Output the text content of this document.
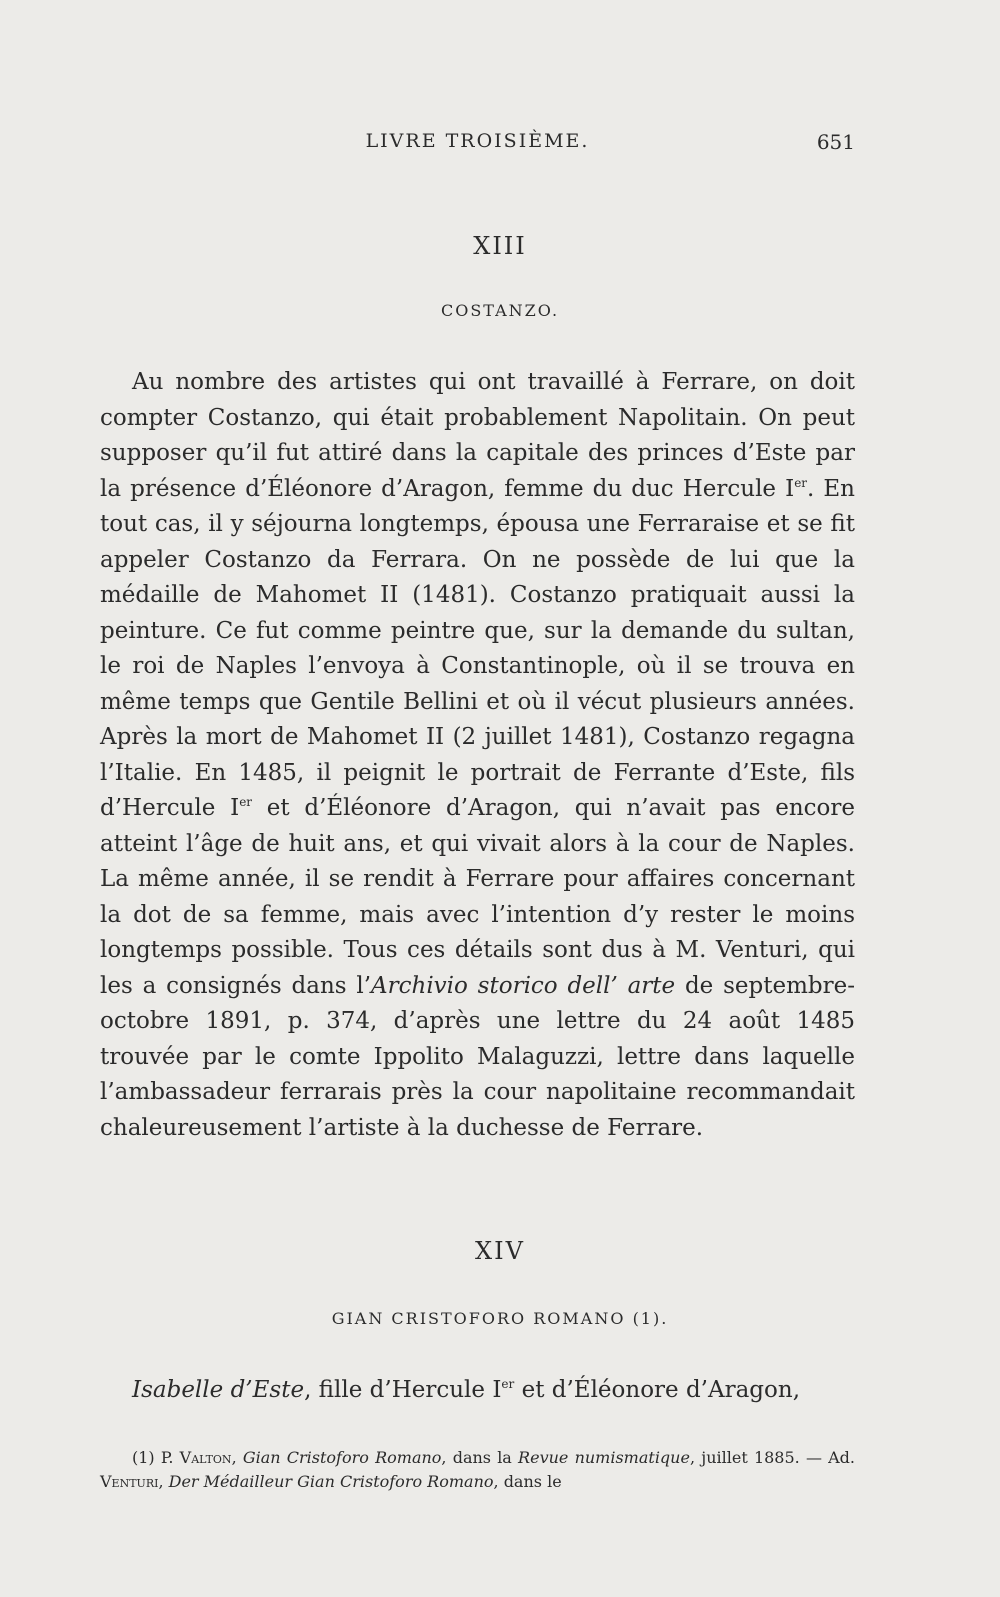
LIVRE TROISIÈME.	651
XIII
COSTANZO.

Au nombre des artistes qui ont travaillé à Ferrare, on doit compter Costanzo, qui était probablement Napolitain. On peut supposer qu’il fut attiré dans la capitale des princes d’Este par la présence d’Éléonore d’Aragon, femme du duc Hercule Ier. En tout cas, il y séjourna longtemps, épousa une Ferraraise et se fit appeler Costanzo da Ferrara. On ne possède de lui que la médaille de Mahomet II (1481). Costanzo pratiquait aussi la peinture. Ce fut comme peintre que, sur la demande du sultan, le roi de Naples l’envoya à Constantinople, où il se trouva en même temps que Gentile Bellini et où il vécut plusieurs années. Après la mort de Mahomet II (2 juillet 1481), Costanzo regagna l’Italie. En 1485, il peignit le portrait de Ferrante d’Este, fils d’Hercule Ier et d’Éléonore d’Aragon, qui n’avait pas encore atteint l’âge de huit ans, et qui vivait alors à la cour de Naples. La même année, il se rendit à Ferrare pour affaires concernant la dot de sa femme, mais avec l’intention d’y rester le moins longtemps possible. Tous ces détails sont dus à M. Venturi, qui les a consignés dans l’Archivio storico dell’ arte de septembre-octobre 1891, p. 374, d’après une lettre du 24 août 1485 trouvée par le comte Ippolito Malaguzzi, lettre dans laquelle l’ambassadeur ferrarais près la cour napolitaine recommandait chaleureusement l’artiste à la duchesse de Ferrare.

XIV
GIAN CRISTOFORO ROMANO (1).

Isabelle d’Este, fille d’Hercule Ier et d’Éléonore d’Aragon,

(1) P. Valton, Gian Cristoforo Romano, dans la Revue numismatique, juillet 1885. — Ad. Venturi, Der Médailleur Gian Cristoforo Romano, dans le
